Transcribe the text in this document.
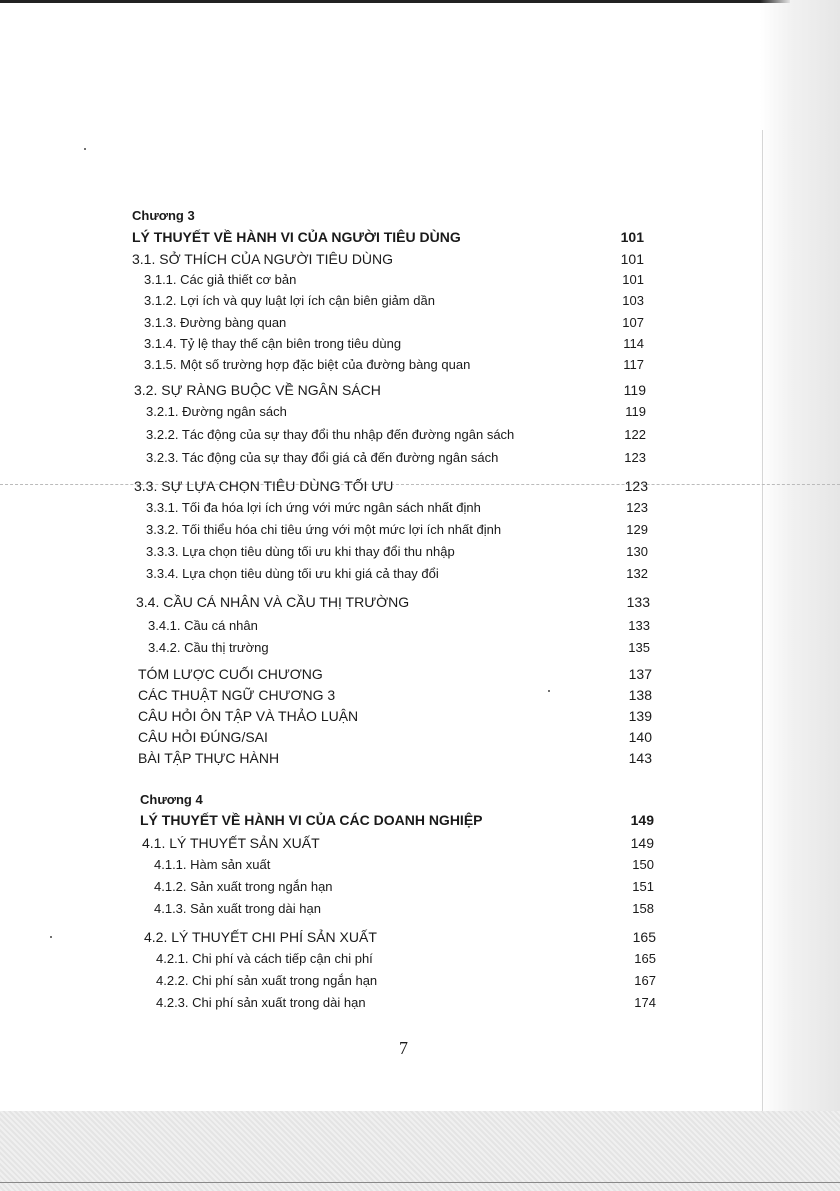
Chương 3
LÝ THUYẾT VỀ HÀNH VI CỦA NGƯỜI TIÊU DÙNG	101
3.1. SỞ THÍCH CỦA NGƯỜI TIÊU DÙNG	101
3.1.1. Các giả thiết cơ bản	101
3.1.2. Lợi ích và quy luật lợi ích cận biên giảm dần	103
3.1.3. Đường bàng quan	107
3.1.4. Tỷ lệ thay thế cận biên trong tiêu dùng	114
3.1.5. Một số trường hợp đặc biệt của đường bàng quan	117
3.2. SỰ RÀNG BUỘC VỀ NGÂN SÁCH	119
3.2.1. Đường ngân sách	119
3.2.2. Tác động của sự thay đổi thu nhập đến đường ngân sách	122
3.2.3. Tác động của sự thay đổi giá cả đến đường ngân sách	123
3.3. SỰ LỰA CHỌN TIÊU DÙNG TỐI ƯU	123
3.3.1. Tối đa hóa lợi ích ứng với mức ngân sách nhất định	123
3.3.2. Tối thiểu hóa chi tiêu ứng với một mức lợi ích nhất định	129
3.3.3. Lựa chọn tiêu dùng tối ưu khi thay đổi thu nhập	130
3.3.4. Lựa chọn tiêu dùng tối ưu khi giá cả thay đổi	132
3.4. CẦU CÁ NHÂN VÀ CẦU THỊ TRƯỜNG	133
3.4.1. Cầu cá nhân	133
3.4.2. Cầu thị trường	135
TÓM LƯỢC CUỐI CHƯƠNG	137
CÁC THUẬT NGỮ CHƯƠNG 3	138
CÂU HỎI ÔN TẬP VÀ THẢO LUẬN	139
CÂU HỎI ĐÚNG/SAI	140
BÀI TẬP THỰC HÀNH	143
Chương 4
LÝ THUYẾT VỀ HÀNH VI CỦA CÁC DOANH NGHIỆP	149
4.1. LÝ THUYẾT SẢN XUẤT	149
4.1.1. Hàm sản xuất	150
4.1.2. Sản xuất trong ngắn hạn	151
4.1.3. Sản xuất trong dài hạn	158
4.2. LÝ THUYẾT CHI PHÍ SẢN XUẤT	165
4.2.1. Chi phí và cách tiếp cận chi phí	165
4.2.2. Chi phí sản xuất trong ngắn hạn	167
4.2.3. Chi phí sản xuất trong dài hạn	174
7
